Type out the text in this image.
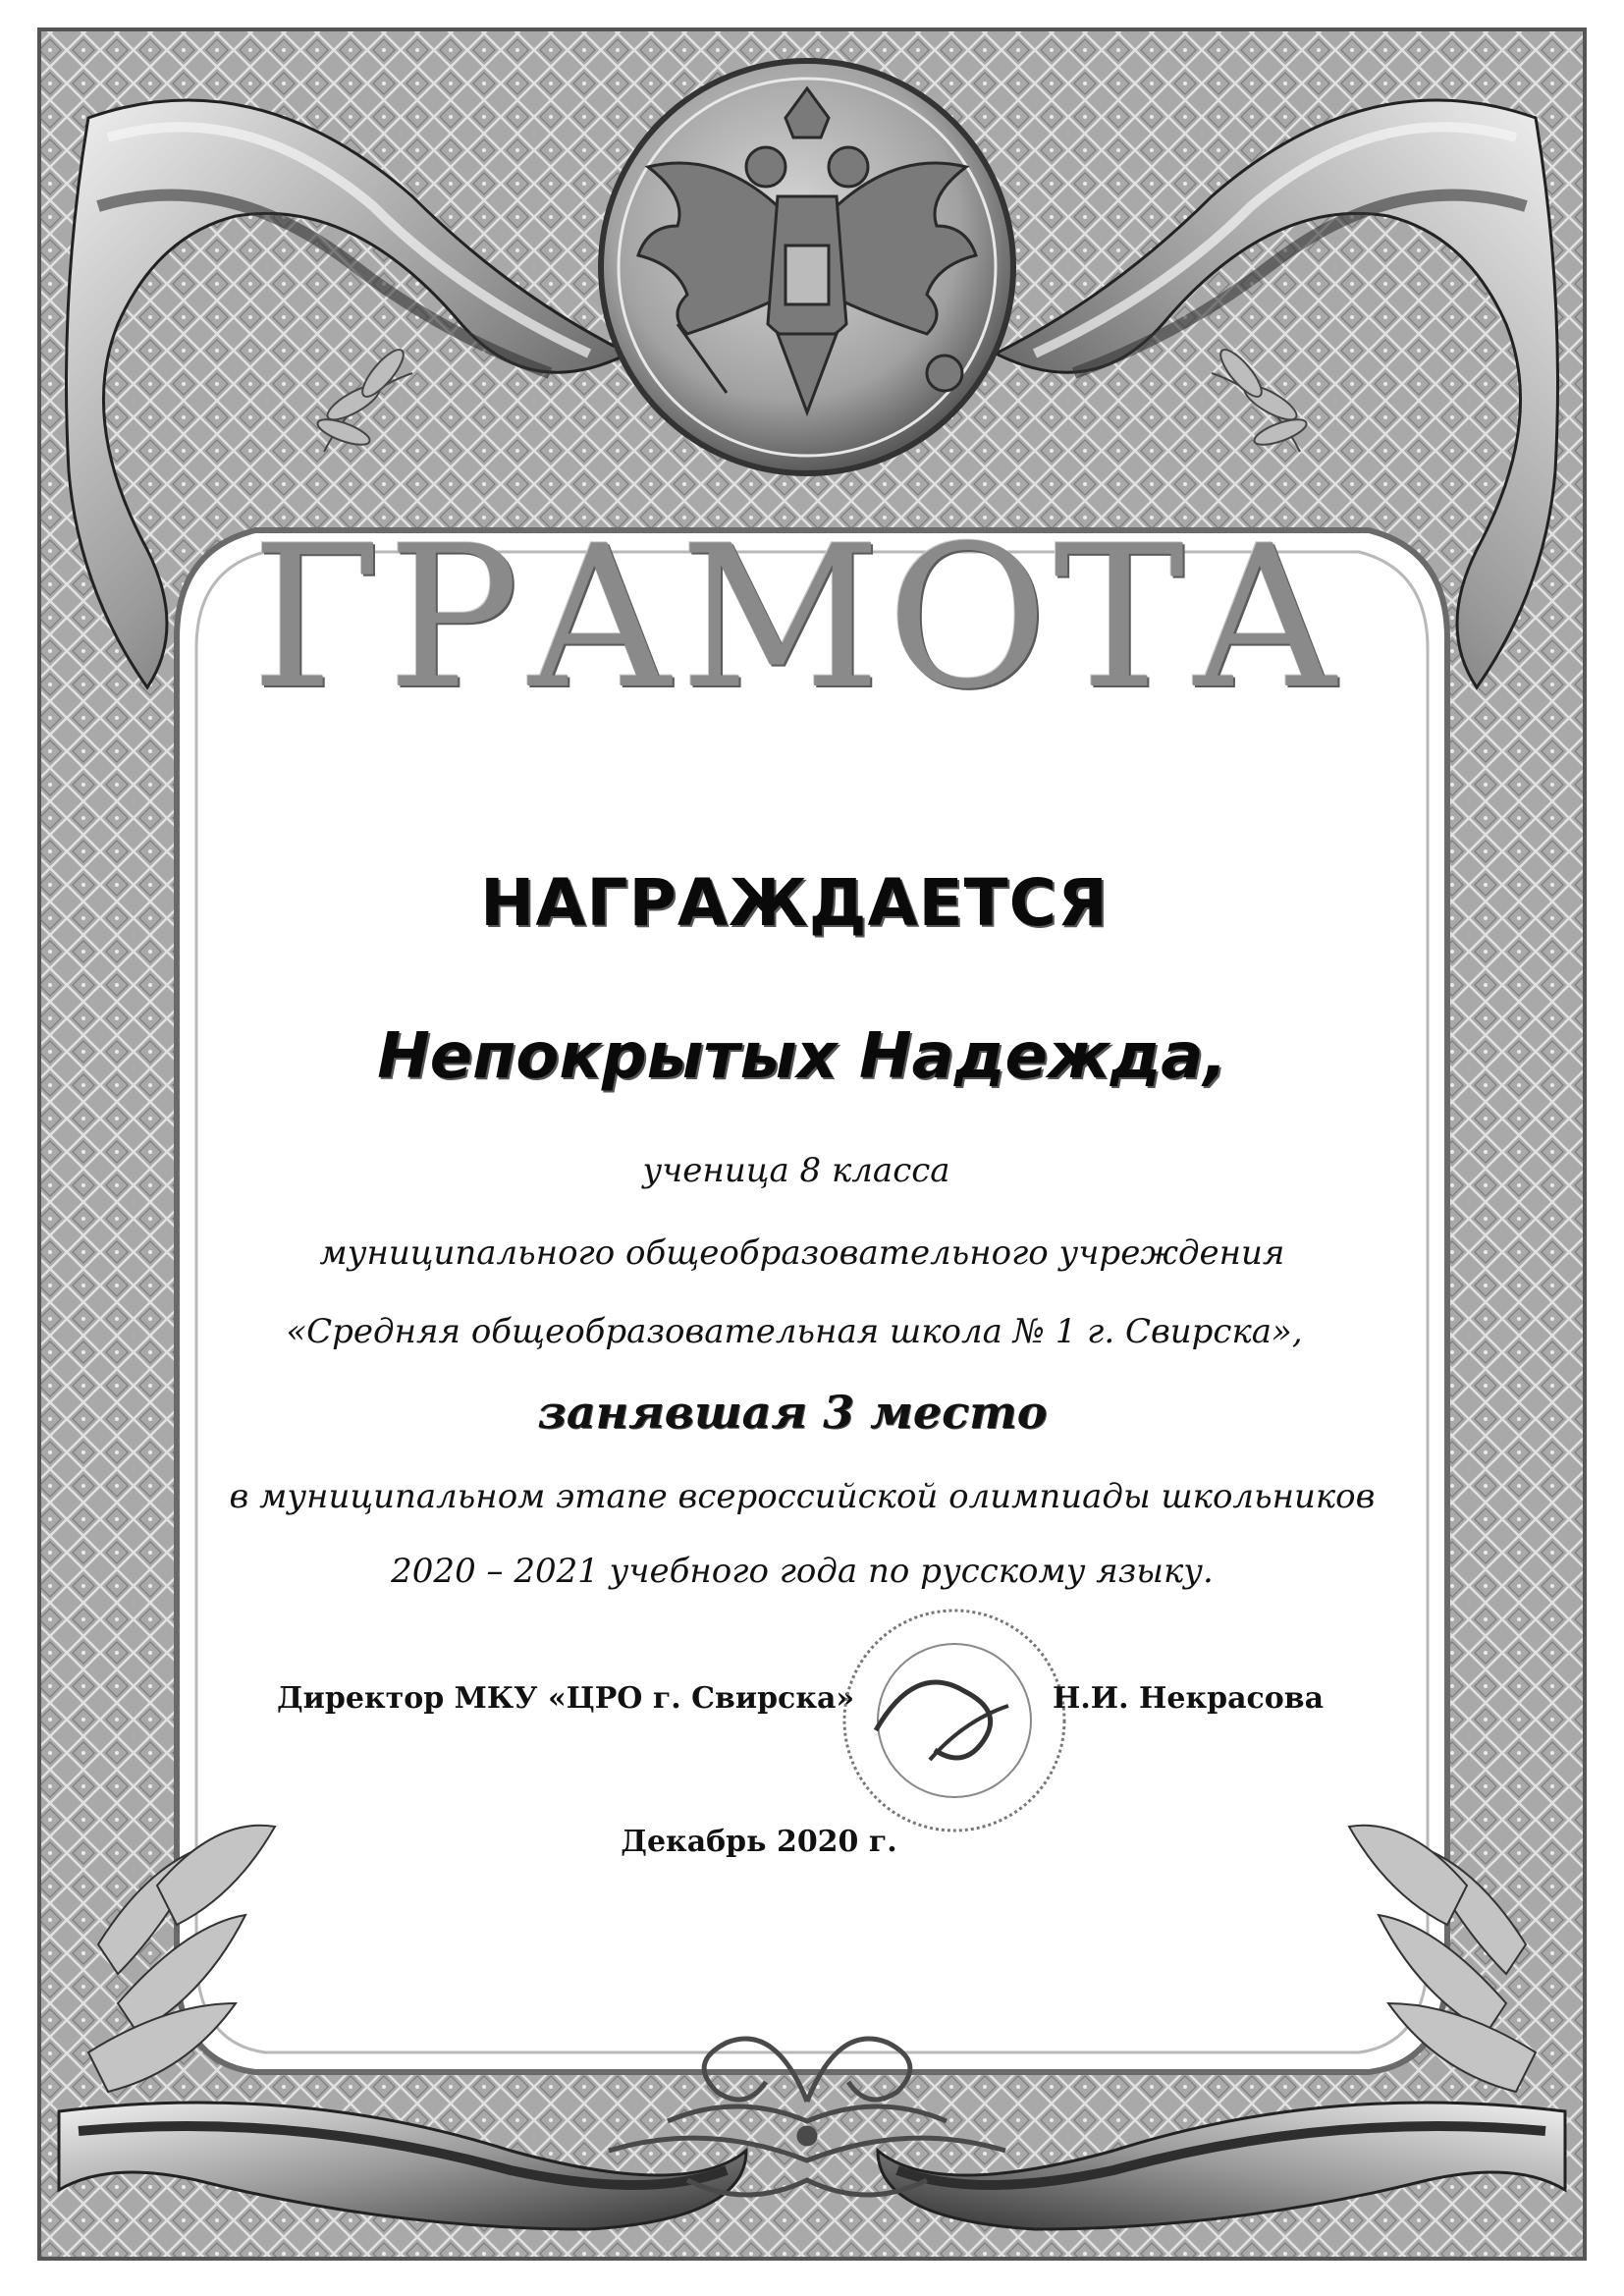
ГРАМОТА
НАГРАЖДАЕТСЯ
Непокрытых Надежда,
ученица 8 класса
муниципального общеобразовательного учреждения
«Средняя общеобразовательная школа № 1 г. Свирска»,
занявшая 3 место
в муниципальном этапе всероссийской олимпиады школьников
2020 – 2021 учебного года по русскому языку.
Директор МКУ «ЦРО г. Свирска»	Н.И. Некрасова
Декабрь 2020 г.
